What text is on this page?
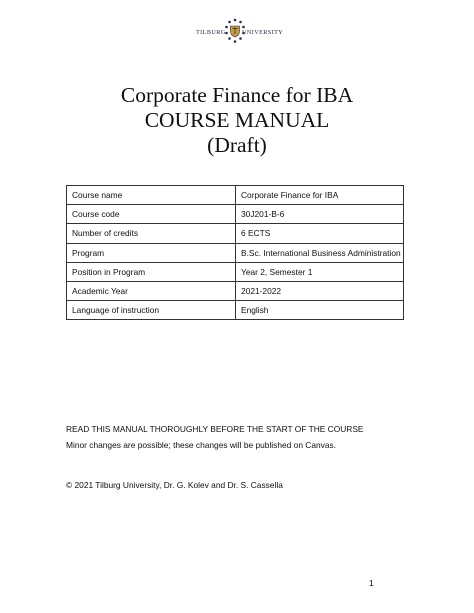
TILBURG	UNIVERSITY
Corporate Finance for IBA
COURSE MANUAL
(Draft)
Course name	Corporate Finance for IBA
Course code	30J201-B-6
Number of credits	6 ECTS
Program	B.Sc. International Business Administration
Position in Program	Year 2, Semester 1
Academic Year	2021-2022
Language of instruction	English
READ THIS MANUAL THOROUGHLY BEFORE THE START OF THE COURSE
Minor changes are possible; these changes will be published on Canvas.
© 2021 Tilburg University, Dr. G. Kolev and Dr. S. Cassella
1
